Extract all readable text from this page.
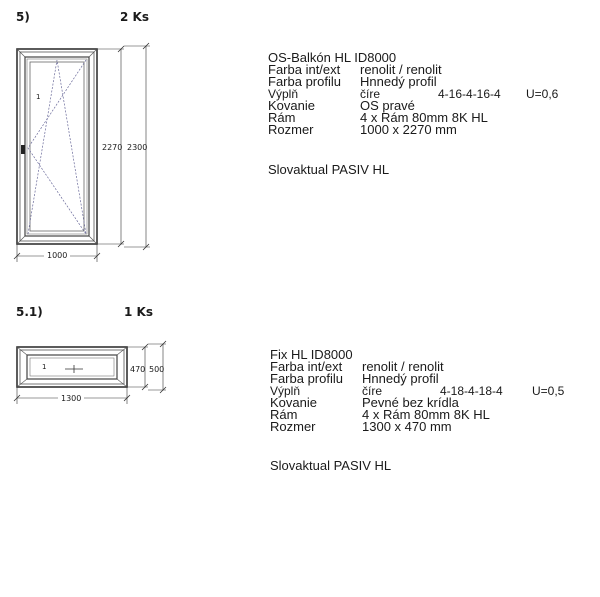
5)	2 Ks
1
2270 2300
1000
1	470 500
1300
OS-Balkón HL ID8000
Farba int/ext renolit / renolit
Farba profilu Hnnedý profil
Výplň	číre	4-16-4-16-4 U=0,6
Kovanie	OS pravé
Rám	4 x Rám 80mm 8K HL
Rozmer	1000 x 2270 mm
Slovaktual PASIV HL
5.1)	1 Ks
Fix HL ID8000
Farba int/ext renolit / renolit
Farba profilu Hnnedý profil
Výplň	číre	4-18-4-18-4 U=0,5
Kovanie	Pevné bez krídla
Rám	4 x Rám 80mm 8K HL
Rozmer	1300 x 470 mm
Slovaktual PASIV HL
